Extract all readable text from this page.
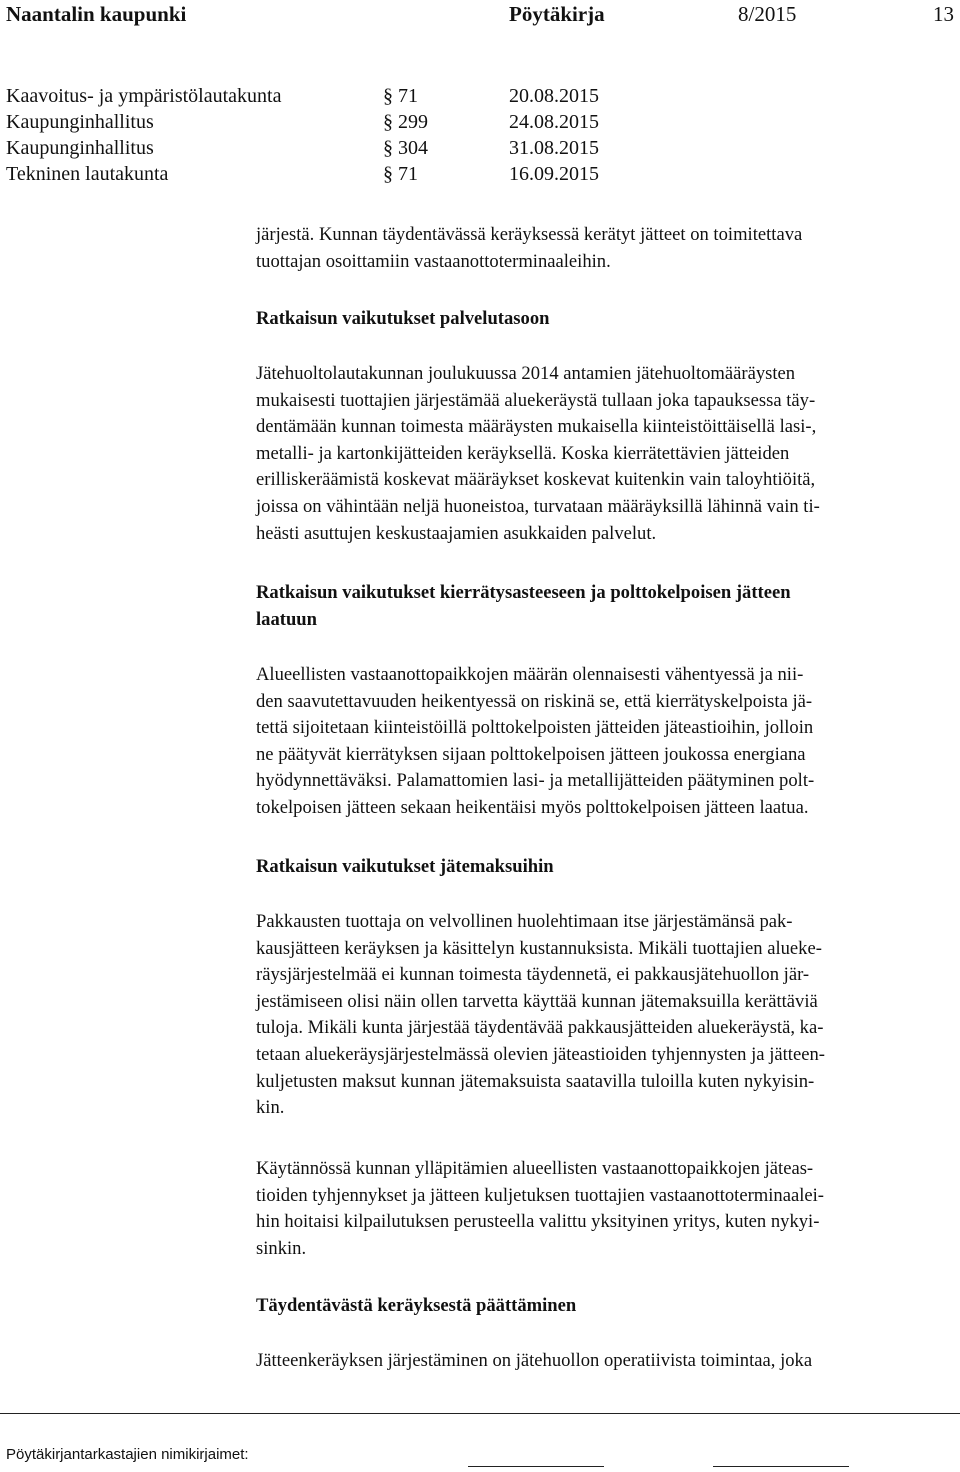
Naantalin kaupunki	Pöytäkirja	8/2015	13
Kaavoitus- ja ympäristölautakunta	§ 71	20.08.2015
Kaupunginhallitus	§ 299	24.08.2015
Kaupunginhallitus	§ 304	31.08.2015
Tekninen lautakunta	§ 71	16.09.2015
järjestä. Kunnan täydentävässä keräyksessä kerätyt jätteet on toimitettava
tuottajan osoittamiin vastaanottoterminaaleihin.
Ratkaisun vaikutukset palvelutasoon
Jätehuoltolautakunnan joulukuussa 2014 antamien jätehuoltomääräysten
mukaisesti tuottajien järjestämää aluekeräystä tullaan joka tapauksessa täy-
dentämään kunnan toimesta määräysten mukaisella kiinteistöittäisellä lasi-,
metalli- ja kartonkijätteiden keräyksellä. Koska kierrätettävien jätteiden
erilliskeräämistä koskevat määräykset koskevat kuitenkin vain taloyhtiöitä,
joissa on vähintään neljä huoneistoa, turvataan määräyksillä lähinnä vain ti-
heästi asuttujen keskustaajamien asukkaiden palvelut.
Ratkaisun vaikutukset kierrätysasteeseen ja polttokelpoisen jätteen
laatuun
Alueellisten vastaanottopaikkojen määrän olennaisesti vähentyessä ja nii-
den saavutettavuuden heikentyessä on riskinä se, että kierrätyskelpoista jä-
tettä sijoitetaan kiinteistöillä polttokelpoisten jätteiden jäteastioihin, jolloin
ne päätyvät kierrätyksen sijaan polttokelpoisen jätteen joukossa energiana
hyödynnettäväksi. Palamattomien lasi- ja metallijätteiden päätyminen polt-
tokelpoisen jätteen sekaan heikentäisi myös polttokelpoisen jätteen laatua.
Ratkaisun vaikutukset jätemaksuihin
Pakkausten tuottaja on velvollinen huolehtimaan itse järjestämänsä pak-
kausjätteen keräyksen ja käsittelyn kustannuksista. Mikäli tuottajien alueke-
räysjärjestelmää ei kunnan toimesta täydennetä, ei pakkausjätehuollon jär-
jestämiseen olisi näin ollen tarvetta käyttää kunnan jätemaksuilla kerättäviä
tuloja. Mikäli kunta järjestää täydentävää pakkausjätteiden aluekeräystä, ka-
tetaan aluekeräysjärjestelmässä olevien jäteastioiden tyhjennysten ja jätteen-
kuljetusten maksut kunnan jätemaksuista saatavilla tuloilla kuten nykyisin-
kin.
Käytännössä kunnan ylläpitämien alueellisten vastaanottopaikkojen jäteas-
tioiden tyhjennykset ja jätteen kuljetuksen tuottajien vastaanottoterminaalei-
hin hoitaisi kilpailutuksen perusteella valittu yksityinen yritys, kuten nykyi-
sinkin.
Täydentävästä keräyksestä päättäminen
Jätteenkeräyksen järjestäminen on jätehuollon operatiivista toimintaa, joka
Pöytäkirjantarkastajien nimikirjaimet:
